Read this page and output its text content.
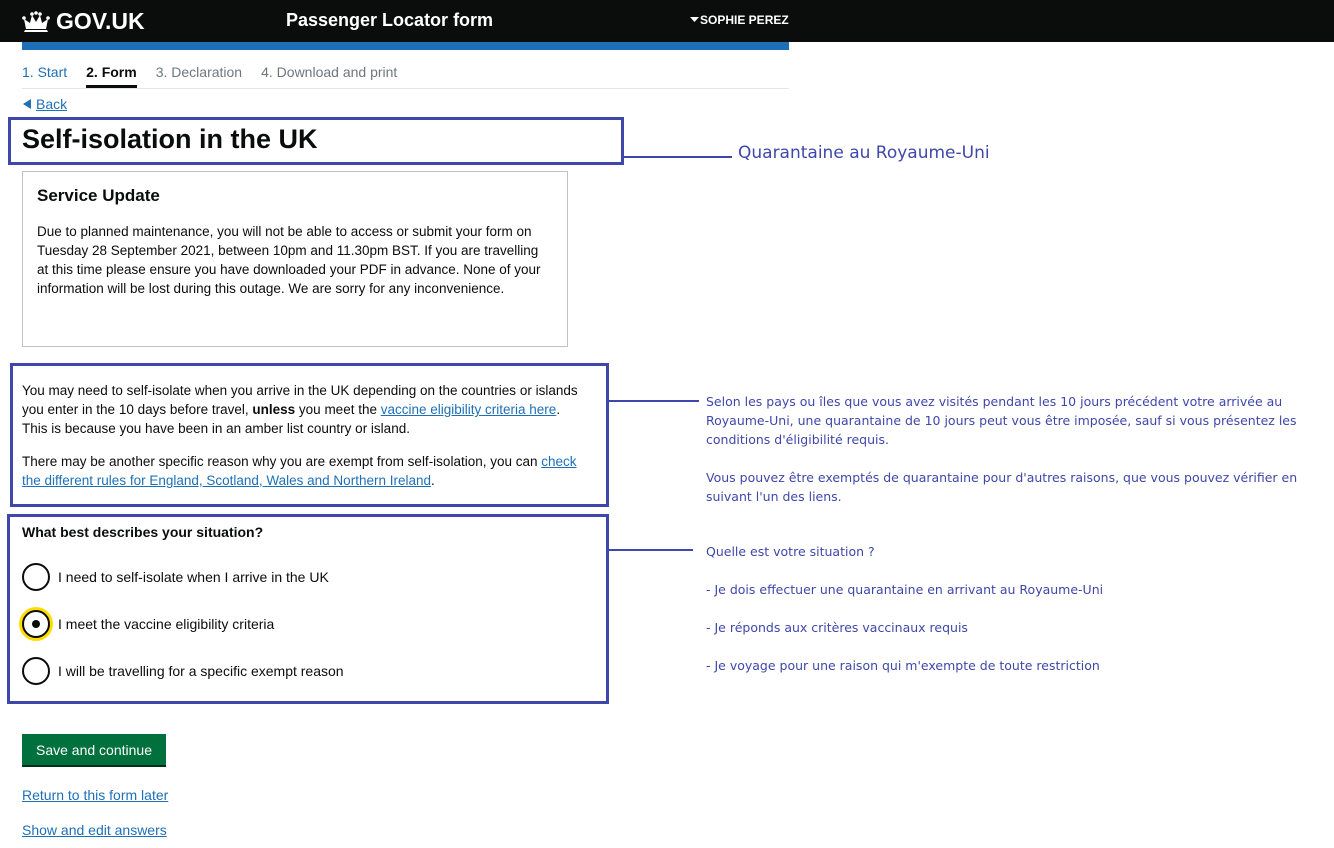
GOV.UK	Passenger Locator form	SOPHIE PEREZ
1. Start 2. Form 3. Declaration 4. Download and print
Back
Self-isolation in the UK	Quarantaine au Royaume-Uni
Service Update

Due to planned maintenance, you will not be able to access or submit your form on Tuesday 28 September 2021, between 10pm and 11.30pm BST. If you are travelling at this time please ensure you have downloaded your PDF in advance. None of your information will be lost during this outage. We are sorry for any inconvenience.

You may need to self-isolate when you arrive in the UK depending on the countries or islands you enter in the 10 days before travel, unless you meet the vaccine eligibility criteria here. This is because you have been in an amber list country or island.

There may be another specific reason why you are exempt from self-isolation, you can check the different rules for England, Scotland, Wales and Northern Ireland.

Selon les pays ou îles que vous avez visités pendant les 10 jours précédent votre arrivée au Royaume-Uni, une quarantaine de 10 jours peut vous être imposée, sauf si vous présentez les conditions d'éligibilité requis.
Vous pouvez être exemptés de quarantaine pour d'autres raisons, que vous pouvez vérifier en suivant l'un des liens.
What best describes your situation?
I need to self-isolate when I arrive in the UK
I meet the vaccine eligibility criteria
I will be travelling for a specific exempt reason
Quelle est votre situation ?
- Je dois effectuer une quarantaine en arrivant au Royaume-Uni
- Je réponds aux critères vaccinaux requis
- Je voyage pour une raison qui m'exempte de toute restriction
Save and continue
Return to this form later
Show and edit answers
